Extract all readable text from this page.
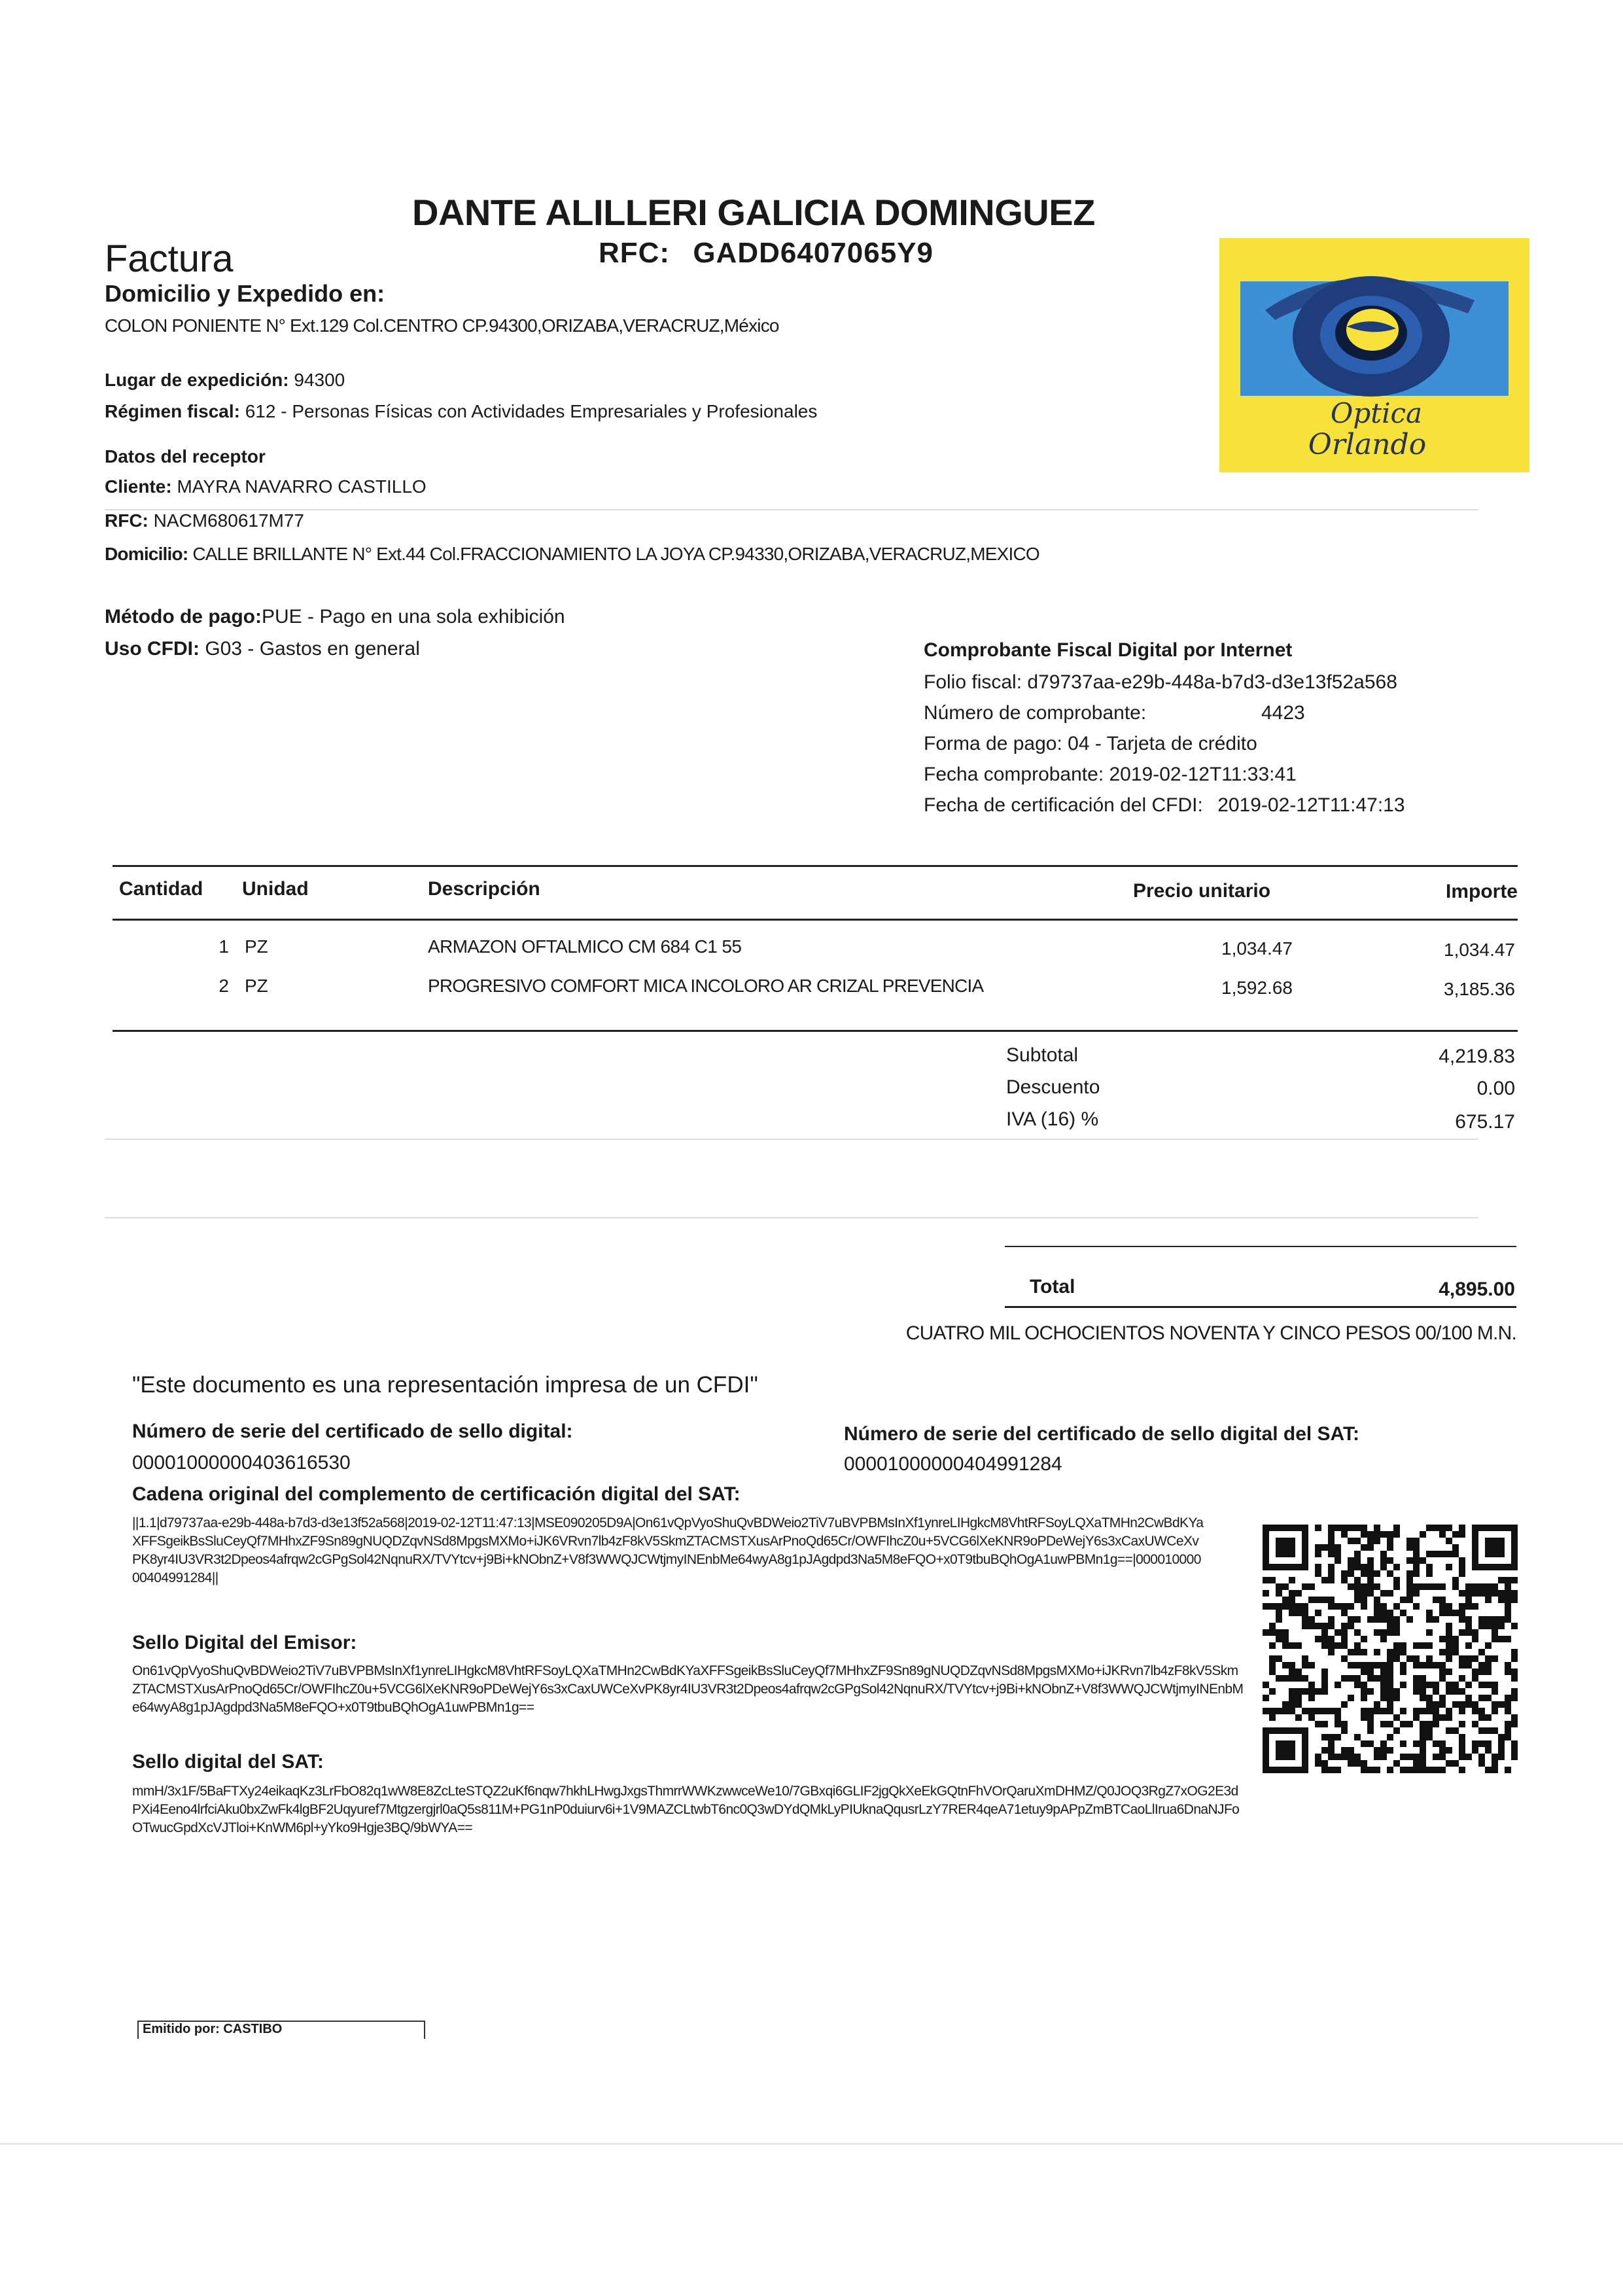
DANTE ALILLERI GALICIA DOMINGUEZ
Factura	RFC: GADD6407065Y9
Domicilio y Expedido en:
COLON PONIENTE N° Ext.129 Col.CENTRO CP.94300,ORIZABA,VERACRUZ,México
Lugar de expedición: 94300
Régimen fiscal: 612 - Personas Físicas con Actividades Empresariales y Profesionales	Optica
Orlando
Datos del receptor
Cliente: MAYRA NAVARRO CASTILLO
RFC: NACM680617M77
Domicilio: CALLE BRILLANTE N° Ext.44 Col.FRACCIONAMIENTO LA JOYA CP.94330,ORIZABA,VERACRUZ,MEXICO
Método de pago:PUE - Pago en una sola exhibición
Uso CFDI: G03 - Gastos en general	Comprobante Fiscal Digital por Internet
Folio fiscal: d79737aa-e29b-448a-b7d3-d3e13f52a568
Número de comprobante:	4423
Forma de pago: 04 - Tarjeta de crédito
Fecha comprobante: 2019-02-12T11:33:41
Fecha de certificación del CFDI: 2019-02-12T11:47:13
Cantidad Unidad	Descripción	Precio unitario	Importe
1 PZ	ARMAZON OFTALMICO CM 684 C1 55	1,034.47	1,034.47
2 PZ	PROGRESIVO COMFORT MICA INCOLORO AR CRIZAL PREVENCIA	1,592.68	3,185.36
Subtotal	4,219.83
Descuento	0.00
IVA (16) %	675.17
Total	4,895.00
CUATRO MIL OCHOCIENTOS NOVENTA Y CINCO PESOS 00/100 M.N.
"Este documento es una representación impresa de un CFDI"
Número de serie del certificado de sello digital:
00001000000403616530
Número de serie del certificado de sello digital del SAT:
00001000000404991284
Cadena original del complemento de certificación digital del SAT:
||1.1|d79737aa-e29b-448a-b7d3-d3e13f52a568|2019-02-12T11:47:13|MSE090205D9A|On61vQpVyoShuQvBDWeio2TiV7uBVPBMsInXf1ynreLIHgkcM8VhtRFSoyLQXaTMHn2CwBdKYaXFFSgeikBsSluCeyQf7MHhxZF9Sn89gNUQDZqvNSd8MpgsMXMo+iJK6VRvn7lb4zF8kV5SkmZTACMSTXusArPnoQd65Cr/OWFIhcZ0u+5VCG6lXeKNR9oPDeWejY6s3xCaxUWCeXvPK8yr4IU3VR3t2Dpeos4afrqw2cGPgSol42NqnuRX/TVYtcv+j9Bi+kNObnZ+V8f3WWQJCWtjmyINEnbMe64wyA8g1pJAgdpd3Na5M8eFQO+x0T9tbuBQhOgA1uwPBMn1g==|00001000000404991284||
Sello Digital del Emisor:
On61vQpVyoShuQvBDWeio2TiV7uBVPBMsInXf1ynreLIHgkcM8VhtRFSoyLQXaTMHn2CwBdKYaXFFSgeikBsSluCeyQf7MHhxZF9Sn89gNUQDZqvNSd8MpgsMXMo+iJKRvn7lb4zF8kV5SkmZTACMSTXusArPnoQd65Cr/OWFIhcZ0u+5VCG6lXeKNR9oPDeWejY6s3xCaxUWCeXvPK8yr4IU3VR3t2Dpeos4afrqw2cGPgSol42NqnuRX/TVYtcv+j9Bi+kNObnZ+V8f3WWQJCWtjmyINEnbMe64wyA8g1pJAgdpd3Na5M8eFQO+x0T9tbuBQhOgA1uwPBMn1g==
Sello digital del SAT:
mmH/3x1F/5BaFTXy24eikaqKz3LrFbO82q1wW8E8ZcLteSTQZ2uKf6nqw7hkhLHwgJxgsThmrrWWKzwwceWe10/7GBxqi6GLIF2jgQkXeEkGQtnFhVOrQaruXmDHMZ/Q0JOQ3RgZ7xOG2E3dPXi4Eeno4lrfciAku0bxZwFk4lgBF2Uqyuref7Mtgzergjrl0aQ5s811M+PG1nP0duiurv6i+1V9MAZCLtwbT6nc0Q3wDYdQMkLyPIUknaQqusrLzY7RER4qeA71etuy9pAPpZmBTCaoLlIrua6DnaNJFoOTwucGpdXcVJTloi+KnWM6pl+yYko9Hgje3BQ/9bWYA==
Emitido por: CASTIBO
